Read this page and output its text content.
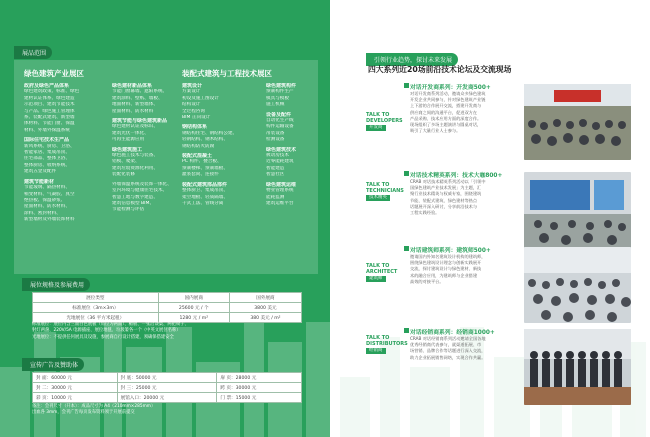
展品范围
绿色建筑产业展区	装配式建筑与工程技术展区
政府及绿色产品体系
绿色建筑政策、标准、绿色
建材认证体系、绿色建造
示范项目、建筑节能技术
与产品、绿色施工管理体
系、装配式建筑、新型墙
体材料、节能门窗、保温
材料、外墙外保温系统
国际住宅技术生产品
新风系统、厨房、卫浴、
智能家居、集成吊顶、
住宅部品、整体卫浴、
整体厨房、收纳系统、
建筑五金及配件
建筑节能新材
节能玻璃、隔热材料、
相变材料、气凝胶、真空
绝热板、保温砂浆、
屋面材料、防水材料、
涂料、密封材料、
新型墙材及外墙装饰材料
绿色建材新品体系
节能门窗幕墙、遮阳系统、
建筑涂料、壁纸、墙板、
地面材料、新型墙体、
屋面材料、防水材料
建筑节能与绿色建筑新品
绿色建材认证及标识、
建筑光伏一体化、
可再生能源应用
绿色建筑施工
绿色施工技术与装备、
铝模、爬架、
建筑垃圾资源化利用、
装配化装修
外墙保温系统及装饰一体化、
室内环境与健康住宅技术、
智慧工地与数字建造、
建筑信息模型 BIM、
节能检测与评估
建筑设计
方案设计
初设及施工图设计
结构设计
全过程咨询
BIM 正向设计
钢结构体系
钢结构住宅、钢结构公建、
轻钢结构、钢木结构、
钢结构防火防腐
装配式混凝土
PC 构件、叠合板、
预制楼梯、预制墙板、
灌浆套筒、连接件
装配式建筑部品部件
整体厨卫、集成吊顶、
架空地板、轻质隔墙、
干式工法、管线分离
绿色建筑构件
预制构件生产
模具与模板
施工机械
设备及配件
自动化生产线
构件运输设备
吊装设备
检测设备
绿色建筑技术
被动房技术
近零能耗建筑
智能建造
智慧社区
绿色建筑运维
物业管理系统
能耗监测
建筑运维平台
展位规格及参展费用
展位类型	国内展商	国外展商
标准展位（3m×3m）	25600 元 / 个	3800 美元
光地展位（36 平方米起租）	1280 元 / m²	380 美元 / m²
标准展位：展位内含三面白色展板（角位为两面）、楣板、一张洽谈桌、两把椅子、
射灯两盏、220V/5A 电源插座、展位地毯、垃圾篓各一个（中英文展位名称）
光地展位：不提供任何展具及设施，参展商自行设计搭建，须确保搭建安全
宣传广告及赞助体
封 面：60000 元	封 底：50000 元	扉 页：28000 元
封 二：30000 元	封 三：25000 元	跨 页：30000 元
彩 页：10000 元	展馆入口：20000 元	门 票：15000 元
备注：会刊尺寸（开本）：成品尺寸为 A4（210mm×285mm）
出血各 3mm，会刊广告每页发布资料须于开展前提交
引领行业趋势，探讨未来发展
四大系列近20场前沿技术论坛及交流现场
TALK TO
DEVELOPERS
开发商
对话开发商系列：开发商500+
对话开发商系列活动，邀请众多绿色建筑
开发企业共同参与，针对绿色建筑产业链
上下游的合作展开交流，搭建开发商与
供应商之间的沟通平台，促进双方在
产品采购、技术应用方面的深度合作。
现场组织了多场主题演讲与圆桌对话，
吸引了大量行业人士参与。
TALK TO
TECHNICIANS
技术精英
对话技术精英系列：技术大咖800+
CRAB 对话技术精英系列活动以「引领中
国绿色建筑产业技术发展」为主题，汇
聚行业技术精英与权威专家，围绕建筑
节能、装配式建筑、绿色建材等热点
话题展开深入研讨，分享前沿技术与
工程实践经验。
TALK TO
ARCHITECT
建筑师
对话建筑师系列：建筑师500+
邀请国内外知名建筑设计机构的建筑师，
围绕绿色建筑设计理念与创新实践展开
交流，探讨建筑设计与绿色建材、新技
术的融合应用，为建筑师与企业搭建
高效的对接平台。
TALK TO
DISTRIBUTORS
经销商
对话经销商系列：经销商1000+
CRAB 对话经销商系列活动邀请全国各地
优秀经销商代表参与，就渠道拓展、市
场营销、品牌合作等话题进行深入交流，
助力企业拓展销售网络，实现合作共赢。
